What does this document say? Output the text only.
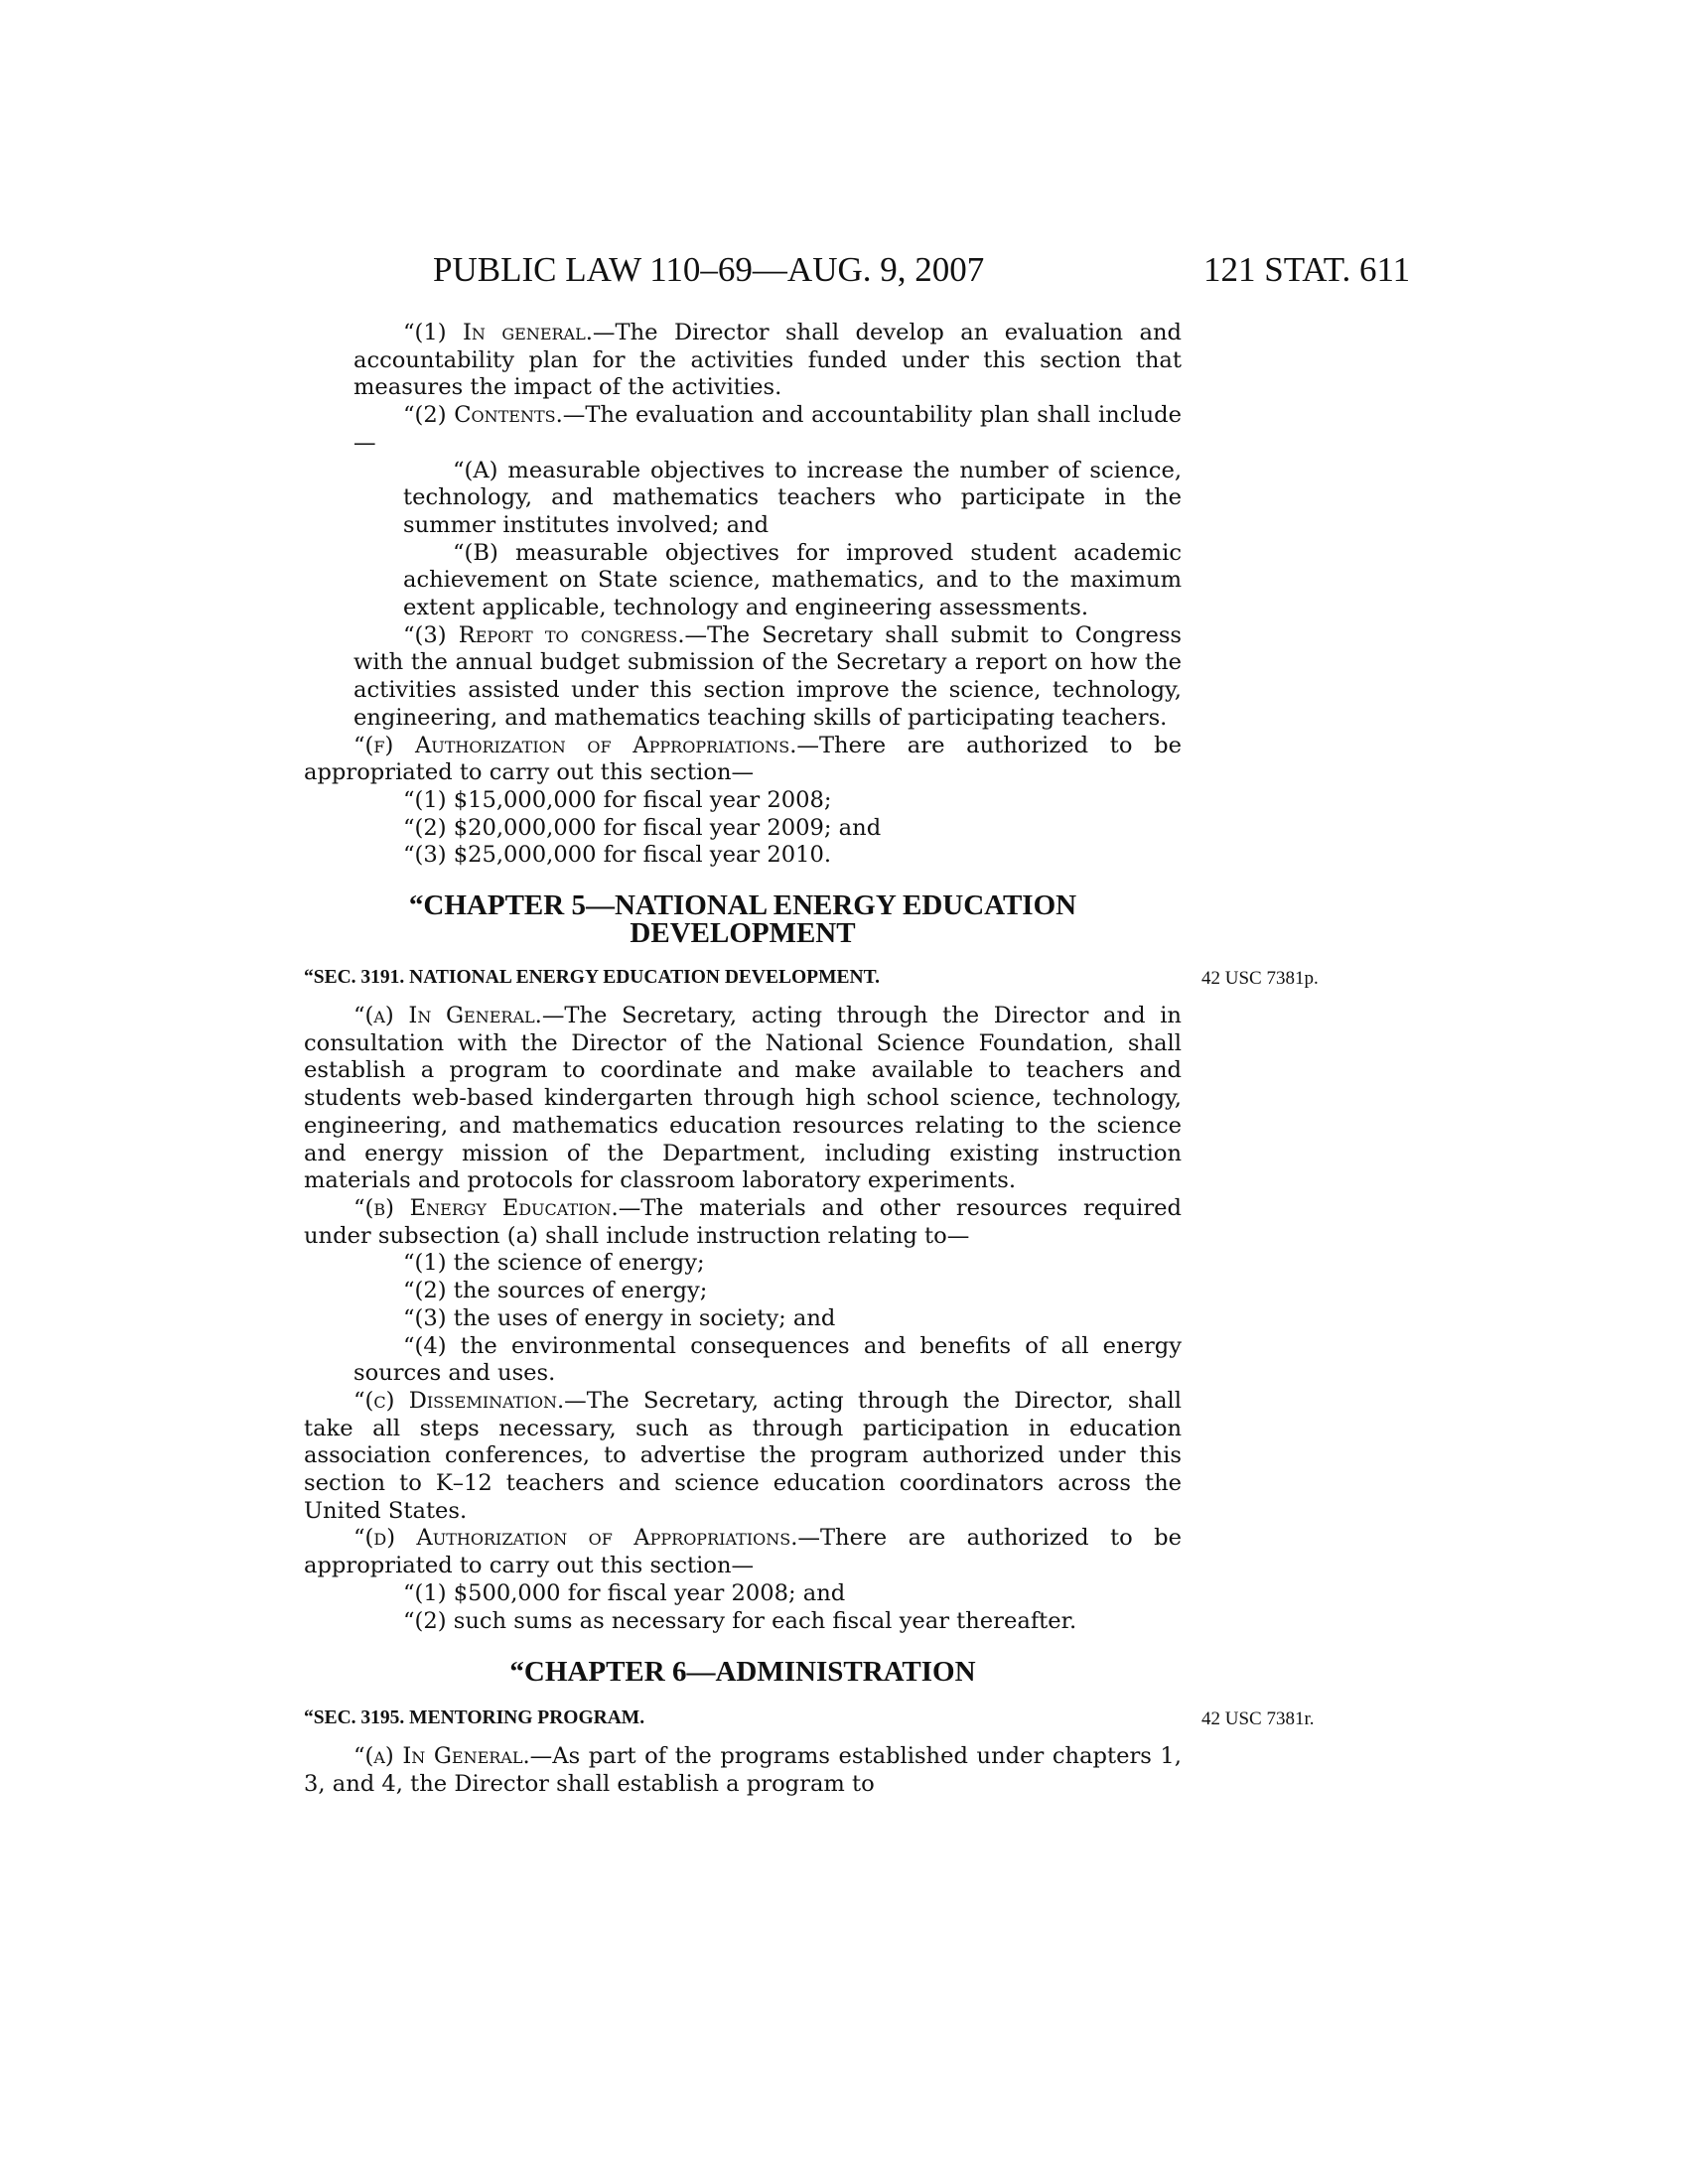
PUBLIC LAW 110–69—AUG. 9, 2007	121 STAT. 611

“(1) In general.—The Director shall develop an evaluation and accountability plan for the activities funded under this section that measures the impact of the activities.

“(2) Contents.—The evaluation and accountability plan shall include—

“(A) measurable objectives to increase the number of science, technology, and mathematics teachers who participate in the summer institutes involved; and

“(B) measurable objectives for improved student academic achievement on State science, mathematics, and to the maximum extent applicable, technology and engineering assessments.

“(3) Report to congress.—The Secretary shall submit to Congress with the annual budget submission of the Secretary a report on how the activities assisted under this section improve the science, technology, engineering, and mathematics teaching skills of participating teachers.

“(f) Authorization of Appropriations.—There are authorized to be appropriated to carry out this section—

“(1) $15,000,000 for fiscal year 2008;

“(2) $20,000,000 for fiscal year 2009; and

“(3) $25,000,000 for fiscal year 2010.

“CHAPTER 5—NATIONAL ENERGY EDUCATION
DEVELOPMENT
“SEC. 3191. NATIONAL ENERGY EDUCATION DEVELOPMENT.	42 USC 7381p.

“(a) In General.—The Secretary, acting through the Director and in consultation with the Director of the National Science Foundation, shall establish a program to coordinate and make available to teachers and students web-based kindergarten through high school science, technology, engineering, and mathematics education resources relating to the science and energy mission of the Department, including existing instruction materials and protocols for classroom laboratory experiments.

“(b) Energy Education.—The materials and other resources required under subsection (a) shall include instruction relating to—

“(1) the science of energy;

“(2) the sources of energy;

“(3) the uses of energy in society; and

“(4) the environmental consequences and benefits of all energy sources and uses.

“(c) Dissemination.—The Secretary, acting through the Director, shall take all steps necessary, such as through participation in education association conferences, to advertise the program authorized under this section to K–12 teachers and science education coordinators across the United States.

“(d) Authorization of Appropriations.—There are authorized to be appropriated to carry out this section—

“(1) $500,000 for fiscal year 2008; and

“(2) such sums as necessary for each fiscal year thereafter.

“CHAPTER 6—ADMINISTRATION
“SEC. 3195. MENTORING PROGRAM.	42 USC 7381r.

“(a) In General.—As part of the programs established under chapters 1, 3, and 4, the Director shall establish a program to
